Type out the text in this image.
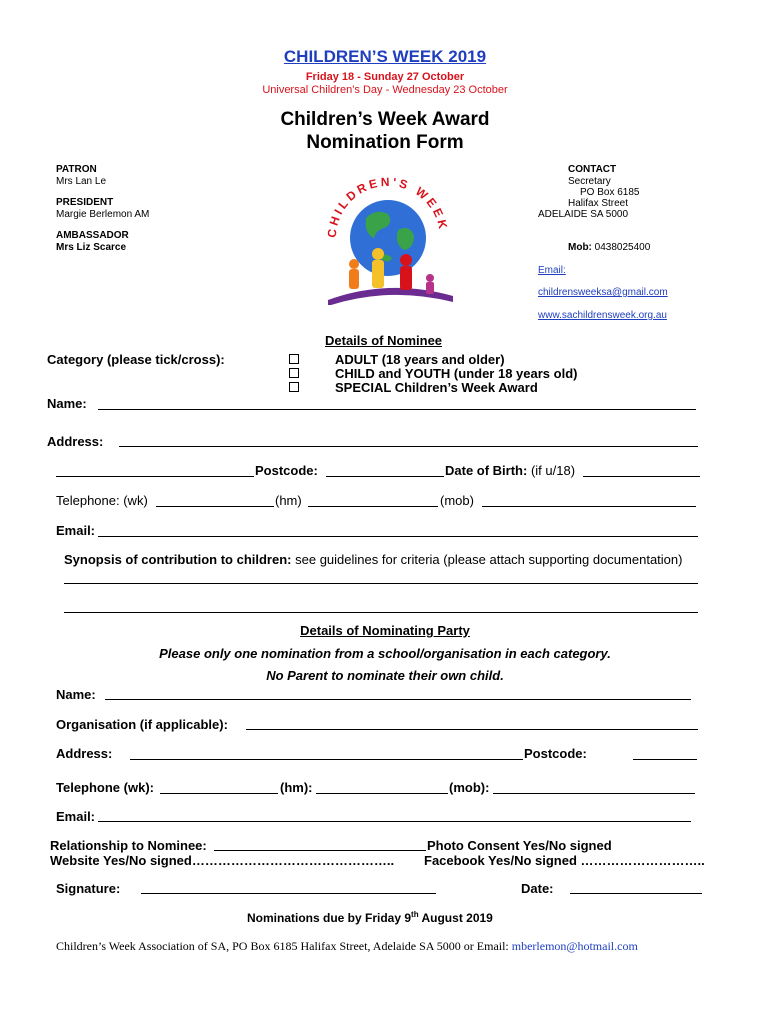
CHILDREN’S WEEK 2019
Friday 18 - Sunday 27 October
Universal Children’s Day - Wednesday 23 October
Children’s Week Award
Nomination Form
PATRON
Mrs Lan Le
PRESIDENT
Margie Berlemon AM
AMBASSADOR
Mrs Liz Scarce
CHILDREN'S WEEK
CONTACT
Secretary
PO Box 6185
Halifax Street
ADELAIDE SA 5000
Mob: 0438025400
Email:
childrensweeksa@gmail.com
www.sachildrensweek.org.au
Details of Nominee
Category (please tick/cross):	ADULT (18 years and older)
CHILD and YOUTH (under 18 years old)
SPECIAL Children’s Week Award
Name:
Address:
Postcode:	Date of Birth: (if u/18)
Telephone: (wk)	(hm)	(mob)
Email:
Synopsis of contribution to children: see guidelines for criteria (please attach supporting documentation)
Details of Nominating Party
Please only one nomination from a school/organisation in each category.
No Parent to nominate their own child.
Name:
Organisation (if applicable):
Address:	Postcode:
Telephone (wk):	(hm):	(mob):
Email:
Relationship to Nominee:	Photo Consent Yes/No signed
Website Yes/No signed……………………………………….. Facebook Yes/No signed ………………………..
Signature:	Date:
Nominations due by Friday 9th August 2019
Children’s Week Association of SA, PO Box 6185 Halifax Street, Adelaide SA 5000 or Email: mberlemon@hotmail.com
